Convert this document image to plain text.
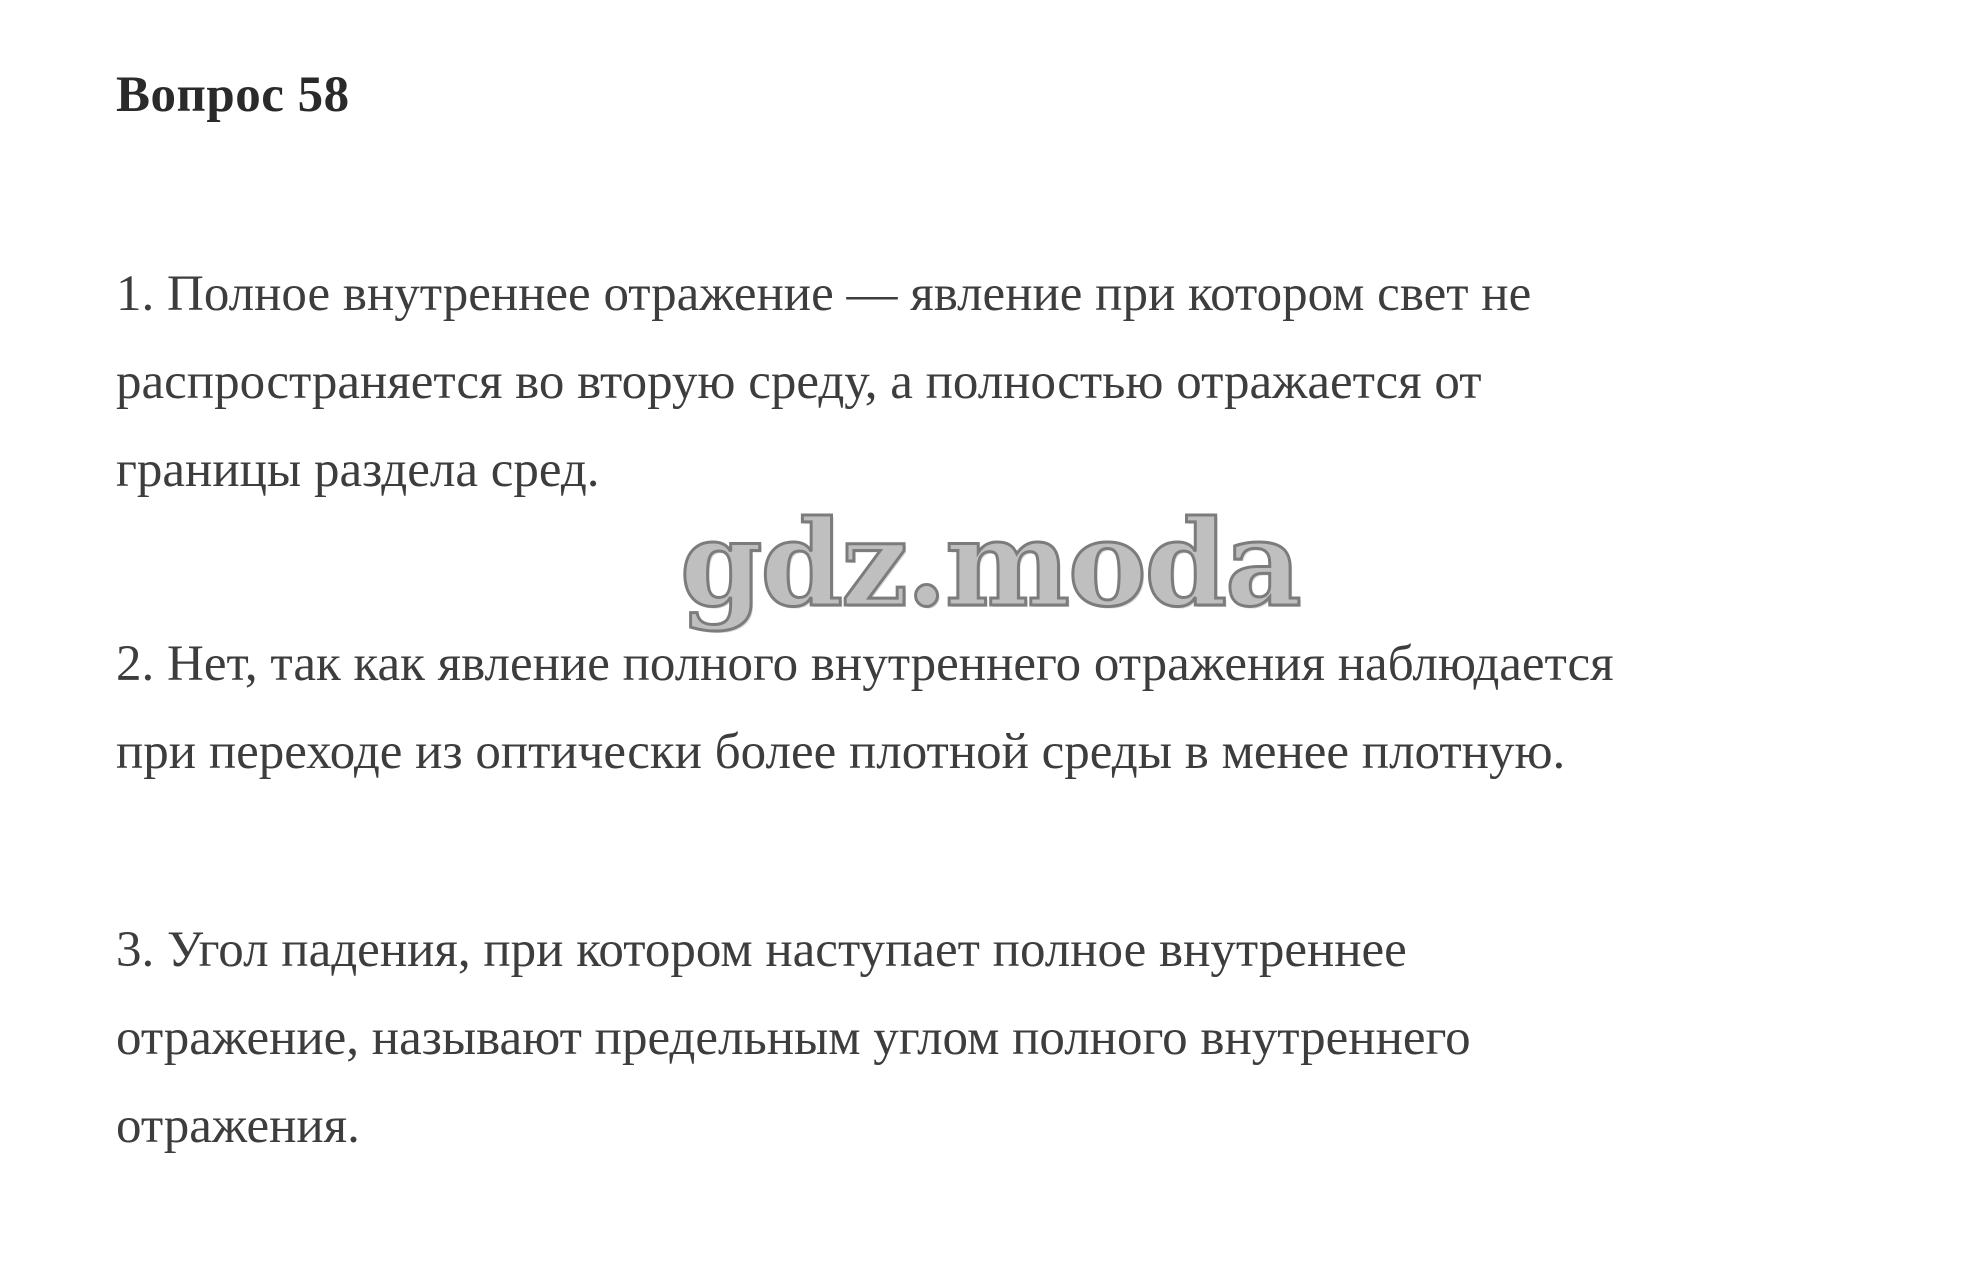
Вопрос 58

1. Полное внутреннее отражение — явление при котором свет не
распространяется во вторую среду, а полностью отражается от
границы раздела сред.

2. Нет, так как явление полного внутреннего отражения наблюдается
при переходе из оптически более плотной среды в менее плотную.

3. Угол падения, при котором наступает полное внутреннее
отражение, называют предельным углом полного внутреннего
отражения.

gdz.moda
